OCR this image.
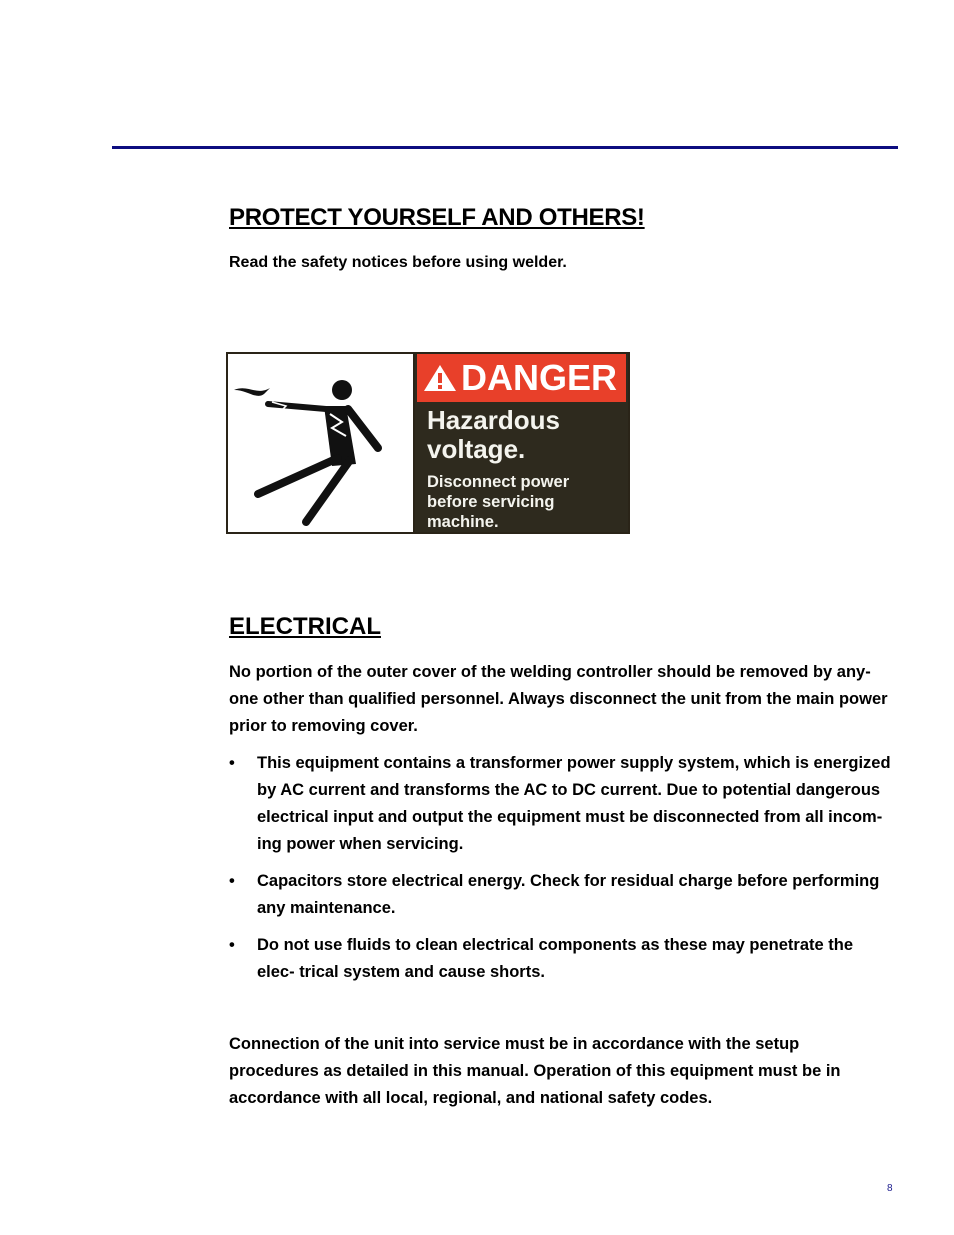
PROTECT YOURSELF AND OTHERS!

Read the safety notices before using welder.

DANGER
Hazardous
voltage.
Disconnect power
before servicing
machine.
ELECTRICAL

No portion of the outer cover of the welding controller should be removed by any- one other than qualified personnel. Always disconnect the unit from the main power prior to removing cover.

• This equipment contains a transformer power supply system, which is energized by AC current and transforms the AC to DC current. Due to potential dangerous electrical input and output the equipment must be disconnected from all incom- ing power when servicing.
• Capacitors store electrical energy. Check for residual charge before performing any maintenance.
• Do not use fluids to clean electrical components as these may penetrate the elec- trical system and cause shorts.

Connection of the unit into service must be in accordance with the setup procedures as detailed in this manual. Operation of this equipment must be in accordance with all local, regional, and national safety codes.

8
